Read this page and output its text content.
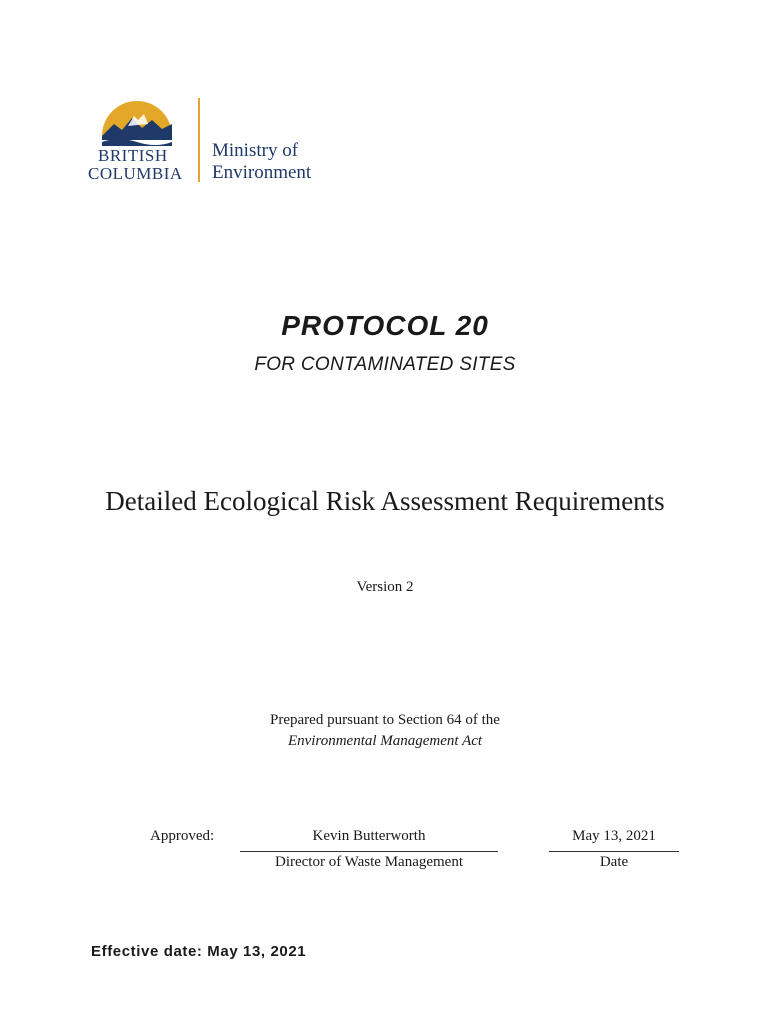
BRITISH
COLUMBIA
Ministry of
Environment
PROTOCOL 20
FOR CONTAMINATED SITES
Detailed Ecological Risk Assessment Requirements
Version 2
Prepared pursuant to Section 64 of the
Environmental Management Act
Approved:	Kevin Butterworth
Director of Waste Management
May 13, 2021
Date
Effective date: May 13, 2021
